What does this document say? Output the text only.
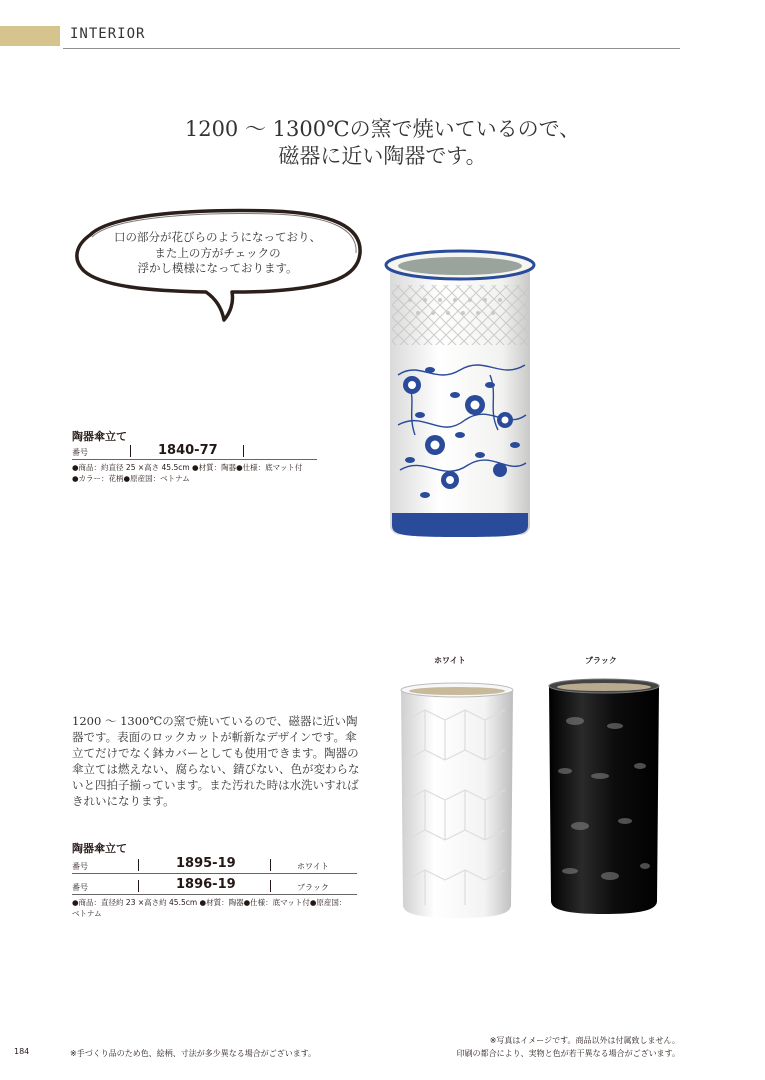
INTERIOR
1200 ～ 1300℃の窯で焼いているので、
磁器に近い陶器です。
口の部分が花びらのようになっており、
また上の方がチェックの
浮かし模様になっております。
陶器傘立て
番号	1840-77
●商品：約直径 25 ×高さ 45.5cm ●材質：陶器●仕様：底マット付
●カラー：花柄●原産国：ベトナム
ホワイト	ブラック
1200 ～ 1300℃の窯で焼いているので、磁器に近い陶器です。表面のロックカットが斬新なデザインです。傘立てだけでなく鉢カバーとしても使用できます。陶器の傘立ては燃えない、腐らない、錆びない、色が変わらないと四拍子揃っています。また汚れた時は水洗いすればきれいになります。
陶器傘立て
番号	1895-19	ホワイト
番号	1896-19	ブラック
●商品：直径約 23 ×高さ約 45.5cm ●材質：陶器●仕様：底マット付●原産国：
ベトナム
184	※手づくり品のため色、絵柄、寸法が多少異なる場合がございます。
※写真はイメージです。商品以外は付属致しません。
印刷の都合により、実物と色が若干異なる場合がございます。
